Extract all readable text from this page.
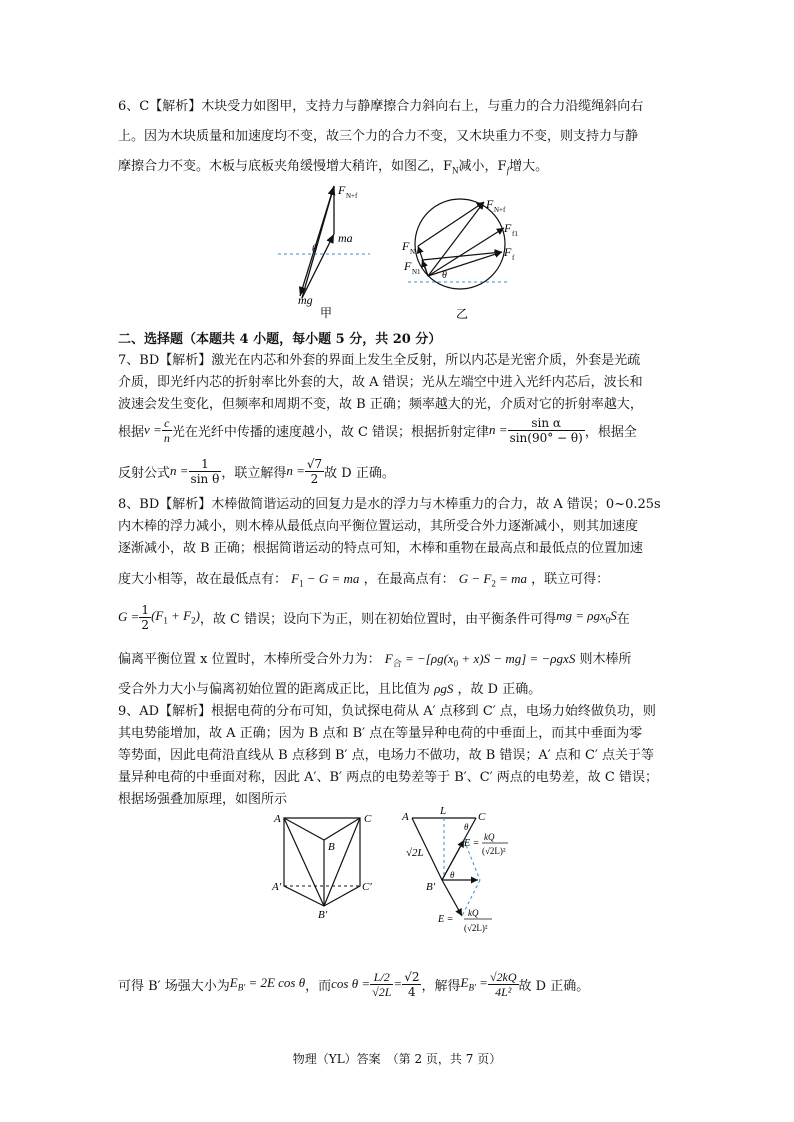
6、C【解析】木块受力如图甲，支持力与静摩擦合力斜向右上，与重力的合力沿缆绳斜向右
上。因为木块质量和加速度均不变，故三个力的合力不变，又木块重力不变，则支持力与静
摩擦合力不变。木板与底板夹角缓慢增大稍许，如图乙，$F_N$减小，$F_f$增大。
F N+f
ma
θ
mg
甲
F N+f
F N
F N1
F f1
F f
θ
乙
二、选择题（本题共 4 小题，每小题 5 分，共 20 分）
7、BD【解析】激光在内芯和外套的界面上发生全反射，所以内芯是光密介质，外套是光疏
介质，即光纤内芯的折射率比外套的大，故 A 错误；光从左端空中进入光纤内芯后，波长和
波速会发生变化，但频率和周期不变，故 B 正确；频率越大的光，介质对它的折射率越大，
根据 $v = \frac{c}{n}$ 光在光纤中传播的速度越小，故 C 错误；根据折射定律 $n = \frac{\text{sin α}}{\sin(90^\circ - \theta)}$ ，根据全
反射公式 $n = \frac{1}{\text{sin θ}}$ ，联立解得 $n = \frac{√7}{2}$ 故 D 正确。
8、BD【解析】木棒做简谐运动的回复力是水的浮力与木棒重力的合力，故 A 错误；0~0.25s
内木棒的浮力减小，则木棒从最低点向平衡位置运动，其所受合外力逐渐减小，则其加速度
逐渐减小，故 B 正确；根据简谐运动的特点可知，木棒和重物在最高点和最低点的位置加速
度大小相等，故在最低点有： $F_1 - G$ = ma ，在最高点有： $G - F_2$ = ma ，联立可得：
$G = \frac{1}{2} (F_1 + F_2)$ ，故 C 错误；设向下为正，则在初始位置时，由平衡条件可得 mg = ρgx$_0$S 在
偏离平衡位置 x 位置时，木棒所受合外力为： $F_合 = -[\rho g(x_0 + x)S - mg] = -\rho gxS$ 则木棒所
受合外力大小与偏离初始位置的距离成正比，且比值为 ρgS ，故 D 正确。
9、AD【解析】根据电荷的分布可知，负试探电荷从 A′ 点移到 C′ 点，电场力始终做负功，则
其电势能增加，故 A 正确；因为 B 点和 B′ 点在等量异种电荷的中垂面上，而其中垂面为零
等势面，因此电荷沿直线从 B 点移到 B′ 点，电场力不做功，故 B 错误；A′ 点和 C′ 点关于等
量异种电荷的中垂面对称，因此 A′、B′ 两点的电势差等于 B′、C′ 两点的电势差，故 C 错误；
根据场强叠加原理，如图所示
A	C
B
A′	C′
B′
A	L	C
θ
θ
√2L
E =
kQ
(√2L)²
E =
kQ
(√2L)²
B′
可得 B′ 场强大小为 $E_{B'} = 2E$ cos θ ，而 $\cos \theta = \frac{L/2}{√2L} = \frac{√2}{4}$ ，解得 $E_{B'} = \frac{√2kQ}{\text{4L²}}$ 故 D 正确。
物理（YL）答案　（第 2 页，共 7 页）
